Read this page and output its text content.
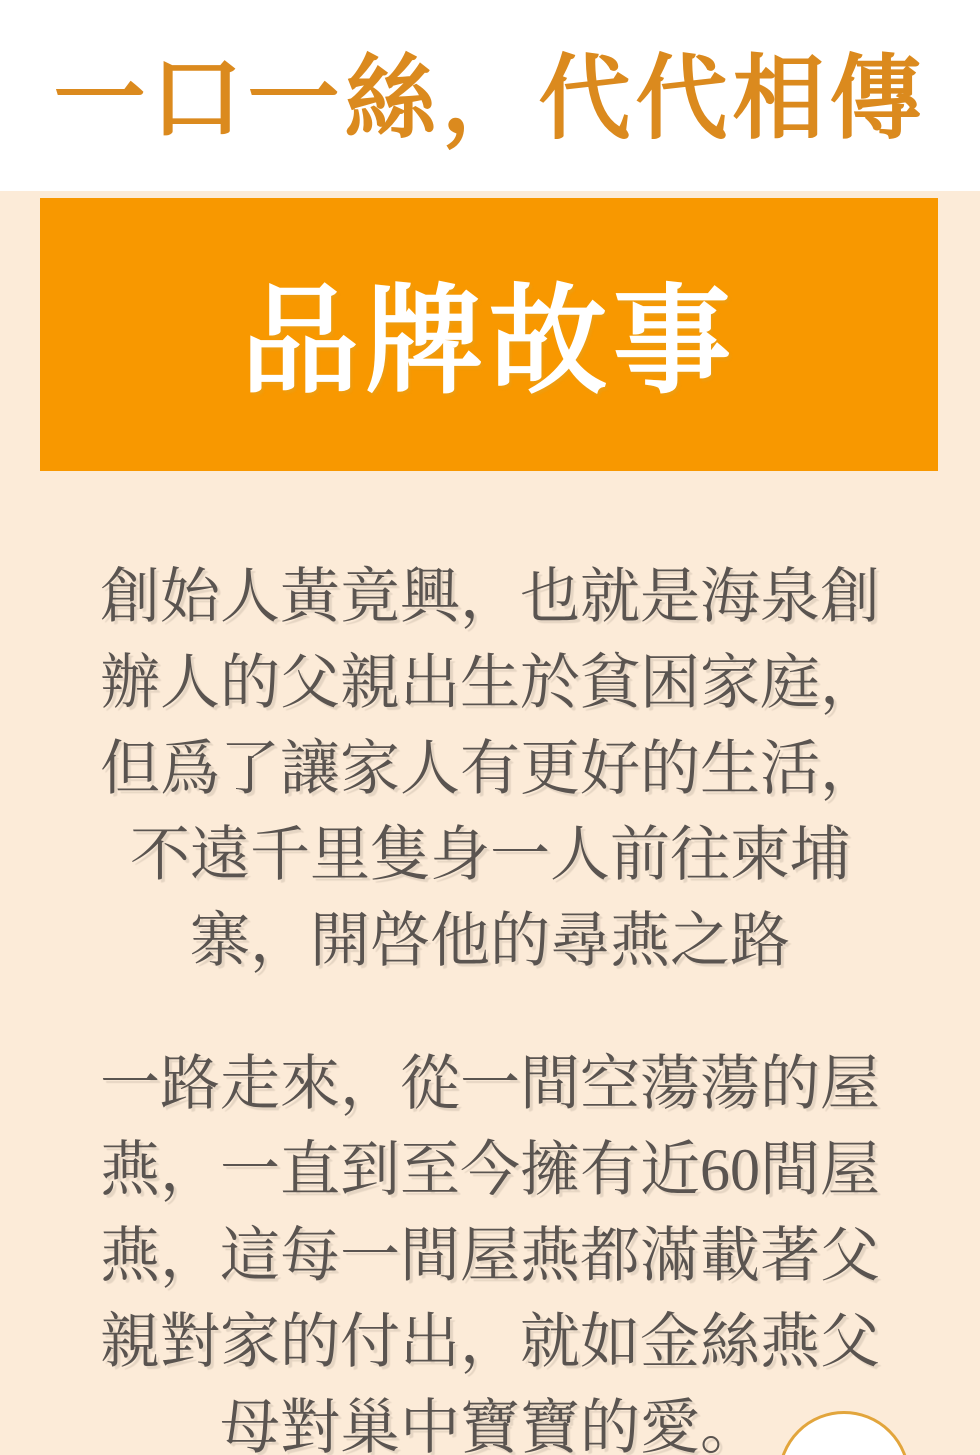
一口一絲，代代相傳
品牌故事
創始人黃竟興，也就是海泉創
辦人的父親出生於貧困家庭，
但爲了讓家人有更好的生活，
不遠千里隻身一人前往柬埔
寨，開啓他的尋燕之路
一路走來，從一間空蕩蕩的屋
燕，一直到至今擁有近60間屋
燕，這每一間屋燕都滿載著父
親對家的付出，就如金絲燕父
母對巢中寶寶的愛。
